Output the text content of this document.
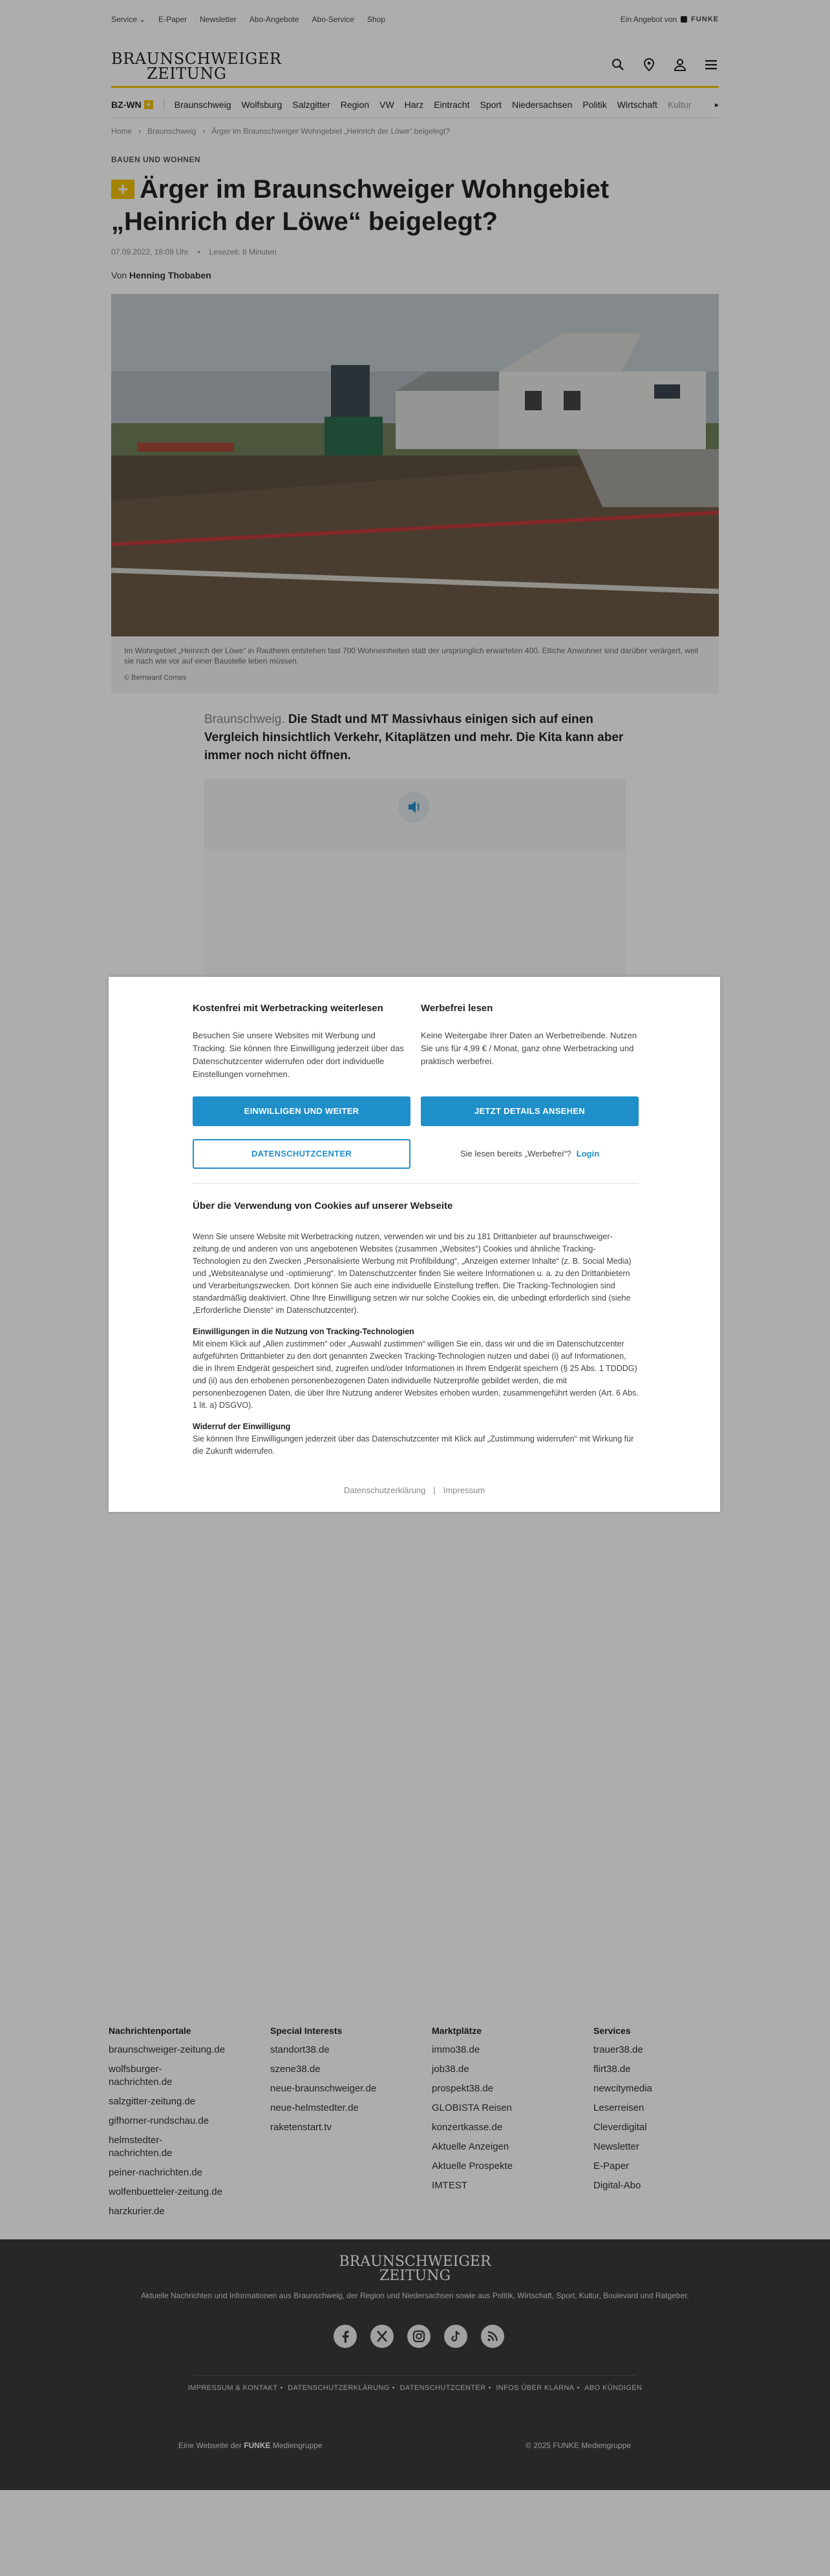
Service ⌄ E-Paper Newsletter Abo-Angebote Abo-Service Shop	Ein Angebot von FUNKE
BRAUNSCHWEIGER
ZEITUNG
BZ-WN +	Braunschweig Wolfsburg Salzgitter Region VW Harz Eintracht Sport Niedersachsen Politik Wirtschaft Kultur	▸
Home › Braunschweig › Ärger im Braunschweiger Wohngebiet „Heinrich der Löwe“ beigelegt?
BAUEN UND WOHNEN
+ Ärger im Braunschweiger Wohngebiet „Heinrich der Löwe“ beigelegt?
07.09.2022, 18:09 Uhr • Lesezeit: 8 Minuten
Von Henning Thobaben
Im Wohngebiet „Heinrich der Löwe“ in Rautheim entstehen fast 700 Wohneinheiten statt der ursprünglich erwarteten 400. Etliche Anwohner sind darüber verärgert, weil sie nach wie vor auf einer Baustelle leben müssen.
© Bernward Comes

Braunschweig. Die Stadt und MT Massivhaus einigen sich auf einen Vergleich hinsichtlich Verkehr, Kitaplätzen und mehr. Die Kita kann aber immer noch nicht öffnen.

Nachrichtenportale
braunschweiger-zeitung.de
wolfsburger-nachrichten.de
salzgitter-zeitung.de
gifhorner-rundschau.de
helmstedter-nachrichten.de
peiner-nachrichten.de
wolfenbuetteler-zeitung.de
harzkurier.de
Special Interests
standort38.de
szene38.de
neue-braunschweiger.de
neue-helmstedter.de
raketenstart.tv
Marktplätze
immo38.de
job38.de
prospekt38.de
GLOBISTA Reisen
konzertkasse.de
Aktuelle Anzeigen
Aktuelle Prospekte
IMTEST
Services
trauer38.de
flirt38.de
newcitymedia
Leserreisen
Cleverdigital
Newsletter
E-Paper
Digital-Abo
BRAUNSCHWEIGER
ZEITUNG
Aktuelle Nachrichten und Informationen aus Braunschweig, der Region und Niedersachsen sowie aus Politik, Wirtschaft, Sport, Kultur, Boulevard und Ratgeber.
IMPRESSUM & KONTAKT • DATENSCHUTZERKLÄRUNG • DATENSCHUTZCENTER • INFOS ÜBER KLARNA • ABO KÜNDIGEN
Eine Webseite der FUNKE Mediengruppe	© 2025 FUNKE Mediengruppe
Kostenfrei mit Werbetracking weiterlesen

Besuchen Sie unsere Websites mit Werbung und Tracking. Sie können Ihre Einwilligung jederzeit über das Datenschutzcenter widerrufen oder dort individuelle Einstellungen vornehmen.

EINWILLIGEN UND WEITER
DATENSCHUTZCENTER
Werbefrei lesen

Keine Weitergabe Ihrer Daten an Werbetreibende. Nutzen Sie uns für 4,99 € / Monat, ganz ohne Werbetracking und praktisch werbefrei.

JETZT DETAILS ANSEHEN
Sie lesen bereits „Werbefrei“? Login
Über die Verwendung von Cookies auf unserer Webseite

Wenn Sie unsere Website mit Werbetracking nutzen, verwenden wir und bis zu 181 Drittanbieter auf braunschweiger-zeitung.de und anderen von uns angebotenen Websites (zusammen „Websites“) Cookies und ähnliche Tracking-Technologien zu den Zwecken „Personalisierte Werbung mit Profilbildung“, „Anzeigen externer Inhalte“ (z. B. Social Media) und „Websiteanalyse und -optimierung“. Im Datenschutzcenter finden Sie weitere Informationen u. a. zu den Drittanbietern und Verarbeitungszwecken. Dort können Sie auch eine individuelle Einstellung treffen. Die Tracking-Technologien sind standardmäßig deaktiviert. Ohne Ihre Einwilligung setzen wir nur solche Cookies ein, die unbedingt erforderlich sind (siehe „Erforderliche Dienste“ im Datenschutzcenter).

Einwilligungen in die Nutzung von Tracking-Technologien
Mit einem Klick auf „Allen zustimmen“ oder „Auswahl zustimmen“ willigen Sie ein, dass wir und die im Datenschutzcenter aufgeführten Drittanbieter zu den dort genannten Zwecken Tracking-Technologien nutzen und dabei (i) auf Informationen, die in Ihrem Endgerät gespeichert sind, zugreifen und/oder Informationen in Ihrem Endgerät speichern (§ 25 Abs. 1 TDDDG) und (ii) aus den erhobenen personenbezogenen Daten individuelle Nutzerprofile gebildet werden, die mit personenbezogenen Daten, die über Ihre Nutzung anderer Websites erhoben wurden, zusammengeführt werden (Art. 6 Abs. 1 lit. a) DSGVO).

Widerruf der Einwilligung
Sie können Ihre Einwilligungen jederzeit über das Datenschutzcenter mit Klick auf „Zustimmung widerrufen“ mit Wirkung für die Zukunft widerrufen.

Datenschutzerklärung | Impressum
